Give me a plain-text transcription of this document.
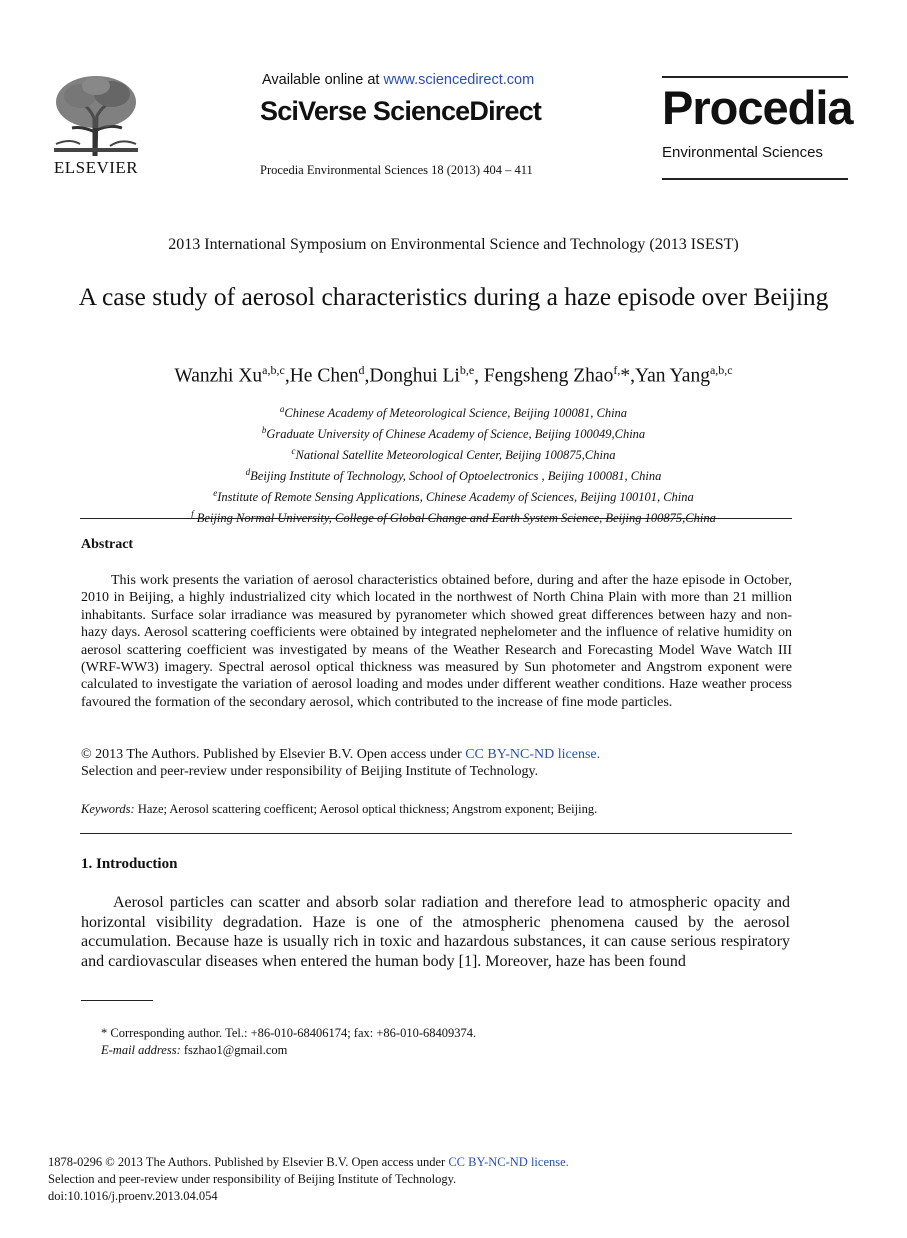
ELSEVIER
Available online at www.sciencedirect.com
SciVerse ScienceDirect
Procedia Environmental Sciences 18 (2013) 404 – 411
Procedia
Environmental Sciences
2013 International Symposium on Environmental Science and Technology (2013 ISEST)
A case study of aerosol characteristics during a haze episode over Beijing
Wanzhi Xu$^{a,b,c}$,He Chen$^d$,Donghui Li$^{b,e}$, Fengsheng Zhao$^{f,}$*,Yan Yang$^{a,b,c}$
$^a$Chinese Academy of Meteorological Science, Beijing 100081, China
$^b$Graduate University of Chinese Academy of Science, Beijing 100049,China
$^c$National Satellite Meteorological Center, Beijing 100875,China
$^d$Beijing Institute of Technology, School of Optoelectronics , Beijing 100081, China
$^e$Institute of Remote Sensing Applications, Chinese Academy of Sciences, Beijing 100101, China
$^f$ Beijing Normal University, College of Global Change and Earth System Science, Beijing 100875,China
Abstract
This work presents the variation of aerosol characteristics obtained before, during and after the haze episode in October, 2010 in Beijing, a highly industrialized city which located in the northwest of North China Plain with more than 21 million inhabitants. Surface solar irradiance was measured by pyranometer which showed great differences between hazy and non-hazy days. Aerosol scattering coefficients were obtained by integrated nephelometer and the influence of relative humidity on aerosol scattering coefficient was investigated by means of the Weather Research and Forecasting Model Wave Watch III (WRF-WW3) imagery. Spectral aerosol optical thickness was measured by Sun photometer and Angstrom exponent were calculated to investigate the variation of aerosol loading and modes under different weather conditions. Haze weather process favoured the formation of the secondary aerosol, which contributed to the increase of fine mode particles.
© 2013 The Authors. Published by Elsevier B.V. Open access under CC BY-NC-ND license.
Selection and peer-review under responsibility of Beijing Institute of Technology.
Keywords: Haze; Aerosol scattering coefficent; Aerosol optical thickness; Angstrom exponent; Beijing.
1. Introduction
Aerosol particles can scatter and absorb solar radiation and therefore lead to atmospheric opacity and horizontal visibility degradation. Haze is one of the atmospheric phenomena caused by the aerosol accumulation. Because haze is usually rich in toxic and hazardous substances, it can cause serious respiratory and cardiovascular diseases when entered the human body [1]. Moreover, haze has been found
* Corresponding author. Tel.: +86-010-68406174; fax: +86-010-68409374.
E-mail address: fszhao1@gmail.com
1878-0296 © 2013 The Authors. Published by Elsevier B.V. Open access under CC BY-NC-ND license.
Selection and peer-review under responsibility of Beijing Institute of Technology.
doi:10.1016/j.proenv.2013.04.054
